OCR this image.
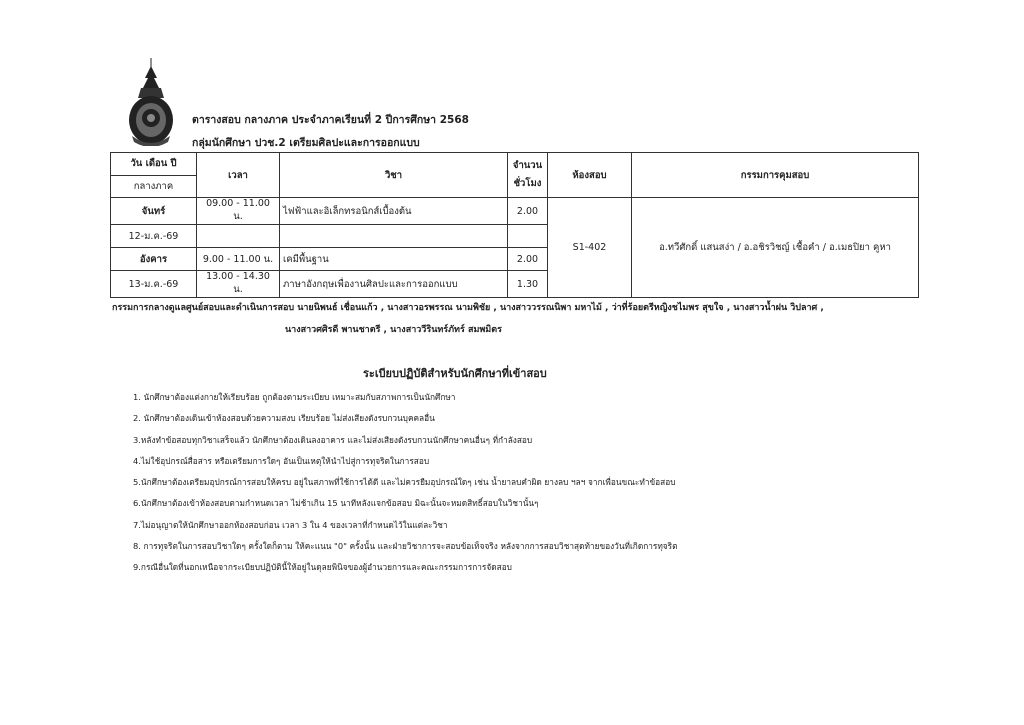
ตารางสอบ กลางภาค ประจำภาคเรียนที่ 2 ปีการศึกษา 2568
กลุ่มนักศึกษา ปวช.2 เตรียมศิลปะและการออกแบบ
วัน เดือน ปี
กลางภาค	เวลา	วิชา	จำนวน ชั่วโมง	ห้องสอบ	กรรมการคุมสอบ
จันทร์	09.00 - 11.00 น.	ไฟฟ้าและอิเล็กทรอนิกส์เบื้องต้น	2.00	S1-402	อ.ทวีศักดิ์ แสนสง่า / อ.อชิรวิชญ์ เชื้อคำ / อ.เมธปิยา คูหา
12-ม.ค.-69					
อังคาร	9.00 - 11.00 น.	เคมีพื้นฐาน	2.00		
13-ม.ค.-69	13.00 - 14.30 น.	ภาษาอังกฤษเพื่องานศิลปะและการออกแบบ	1.30		
กรรมการกลางดูแลศูนย์สอบและดำเนินการสอบ นายนิพนธ์ เชื่อนแก้ว , นางสาวอรพรรณ นามพิชัย , นางสาววรรณนิพา มหาไม้ , ว่าที่ร้อยตรีหญิงชไมพร สุขใจ , นางสาวน้ำฝน วิปลาศ ,
นางสาวศศิรดี พานชาตรี , นางสาววีรินทร์ภัทร์ สมพมิตร
ระเบียบปฏิบัติสำหรับนักศึกษาที่เข้าสอบ
1. นักศึกษาต้องแต่งกายให้เรียบร้อย ถูกต้องตามระเบียบ เหมาะสมกับสภาพการเป็นนักศึกษา
2. นักศึกษาต้องเดินเข้าห้องสอบด้วยความสงบ เรียบร้อย ไม่ส่งเสียงดังรบกวนบุคคลอื่น
3.หลังทำข้อสอบทุกวิชาเสร็จแล้ว นักศึกษาต้องเดินลงอาคาร และไม่ส่งเสียงดังรบกวนนักศึกษาคนอื่นๆ ที่กำลังสอบ
4.ไม่ใช้อุปกรณ์สื่อสาร หรือเตรียมการใดๆ อันเป็นเหตุให้นำไปสู่การทุจริตในการสอบ
5.นักศึกษาต้องเตรียมอุปกรณ์การสอบให้ครบ อยู่ในสภาพที่ใช้การได้ดี และไม่ควรยืมอุปกรณ์ใดๆ เช่น น้ำยาลบคำผิด ยางลบ ฯลฯ จากเพื่อนขณะทำข้อสอบ
6.นักศึกษาต้องเข้าห้องสอบตามกำหนดเวลา ไม่ช้าเกิน 15 นาทีหลังแจกข้อสอบ มิฉะนั้นจะหมดสิทธิ์สอบในวิชานั้นๆ
7.ไม่อนุญาตให้นักศึกษาออกห้องสอบก่อน เวลา 3 ใน 4 ของเวลาที่กำหนดไว้ในแต่ละวิชา
8. การทุจริตในการสอบวิชาใดๆ ครั้งใดก็ตาม ให้คะแนน "0" ครั้งนั้น และฝ่ายวิชาการจะสอบข้อเท็จจริง หลังจากการสอบวิชาสุดท้ายของวันที่เกิดการทุจริต
9.กรณีอื่นใดที่นอกเหนือจากระเบียบปฏิบัตินี้ให้อยู่ในดุลยพินิจของผู้อำนวยการและคณะกรรมการการจัดสอบ
